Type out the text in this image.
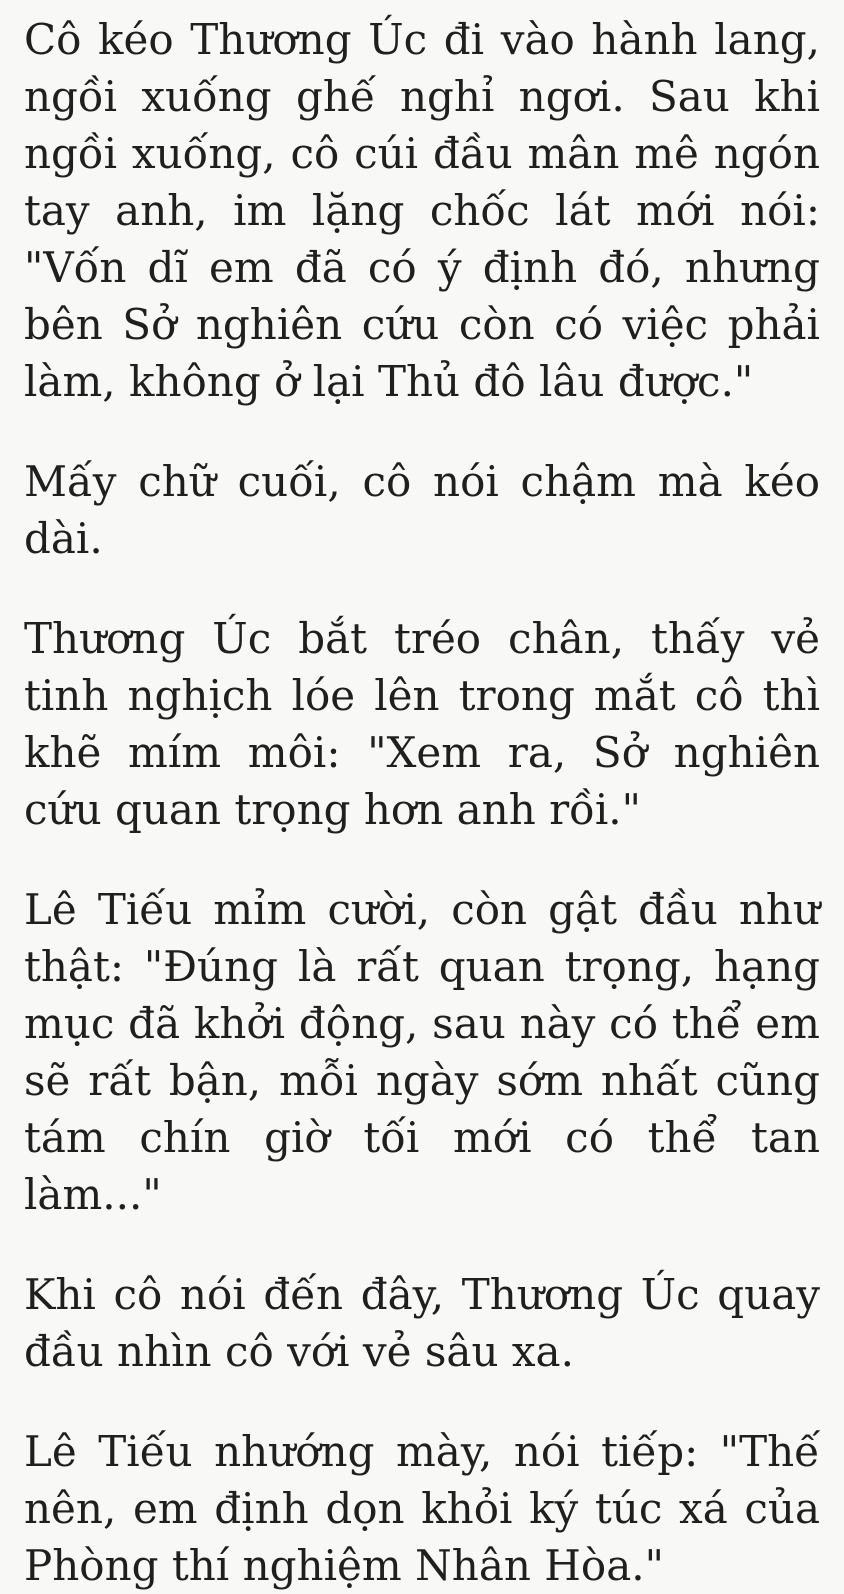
Cô kéo Thương Úc đi vào hành lang, ngồi xuống ghế nghỉ ngơi. Sau khi ngồi xuống, cô cúi đầu mân mê ngón tay anh, im lặng chốc lát mới nói: "Vốn dĩ em đã có ý định đó, nhưng bên Sở nghiên cứu còn có việc phải làm, không ở lại Thủ đô lâu được."

Mấy chữ cuối, cô nói chậm mà kéo dài.

Thương Úc bắt tréo chân, thấy vẻ tinh nghịch lóe lên trong mắt cô thì khẽ mím môi: "Xem ra, Sở nghiên cứu quan trọng hơn anh rồi."

Lê Tiếu mỉm cười, còn gật đầu như thật: "Đúng là rất quan trọng, hạng mục đã khởi động, sau này có thể em sẽ rất bận, mỗi ngày sớm nhất cũng tám chín giờ tối mới có thể tan làm..."

Khi cô nói đến đây, Thương Úc quay đầu nhìn cô với vẻ sâu xa.

Lê Tiếu nhướng mày, nói tiếp: "Thế nên, em định dọn khỏi ký túc xá của Phòng thí nghiệm Nhân Hòa."
